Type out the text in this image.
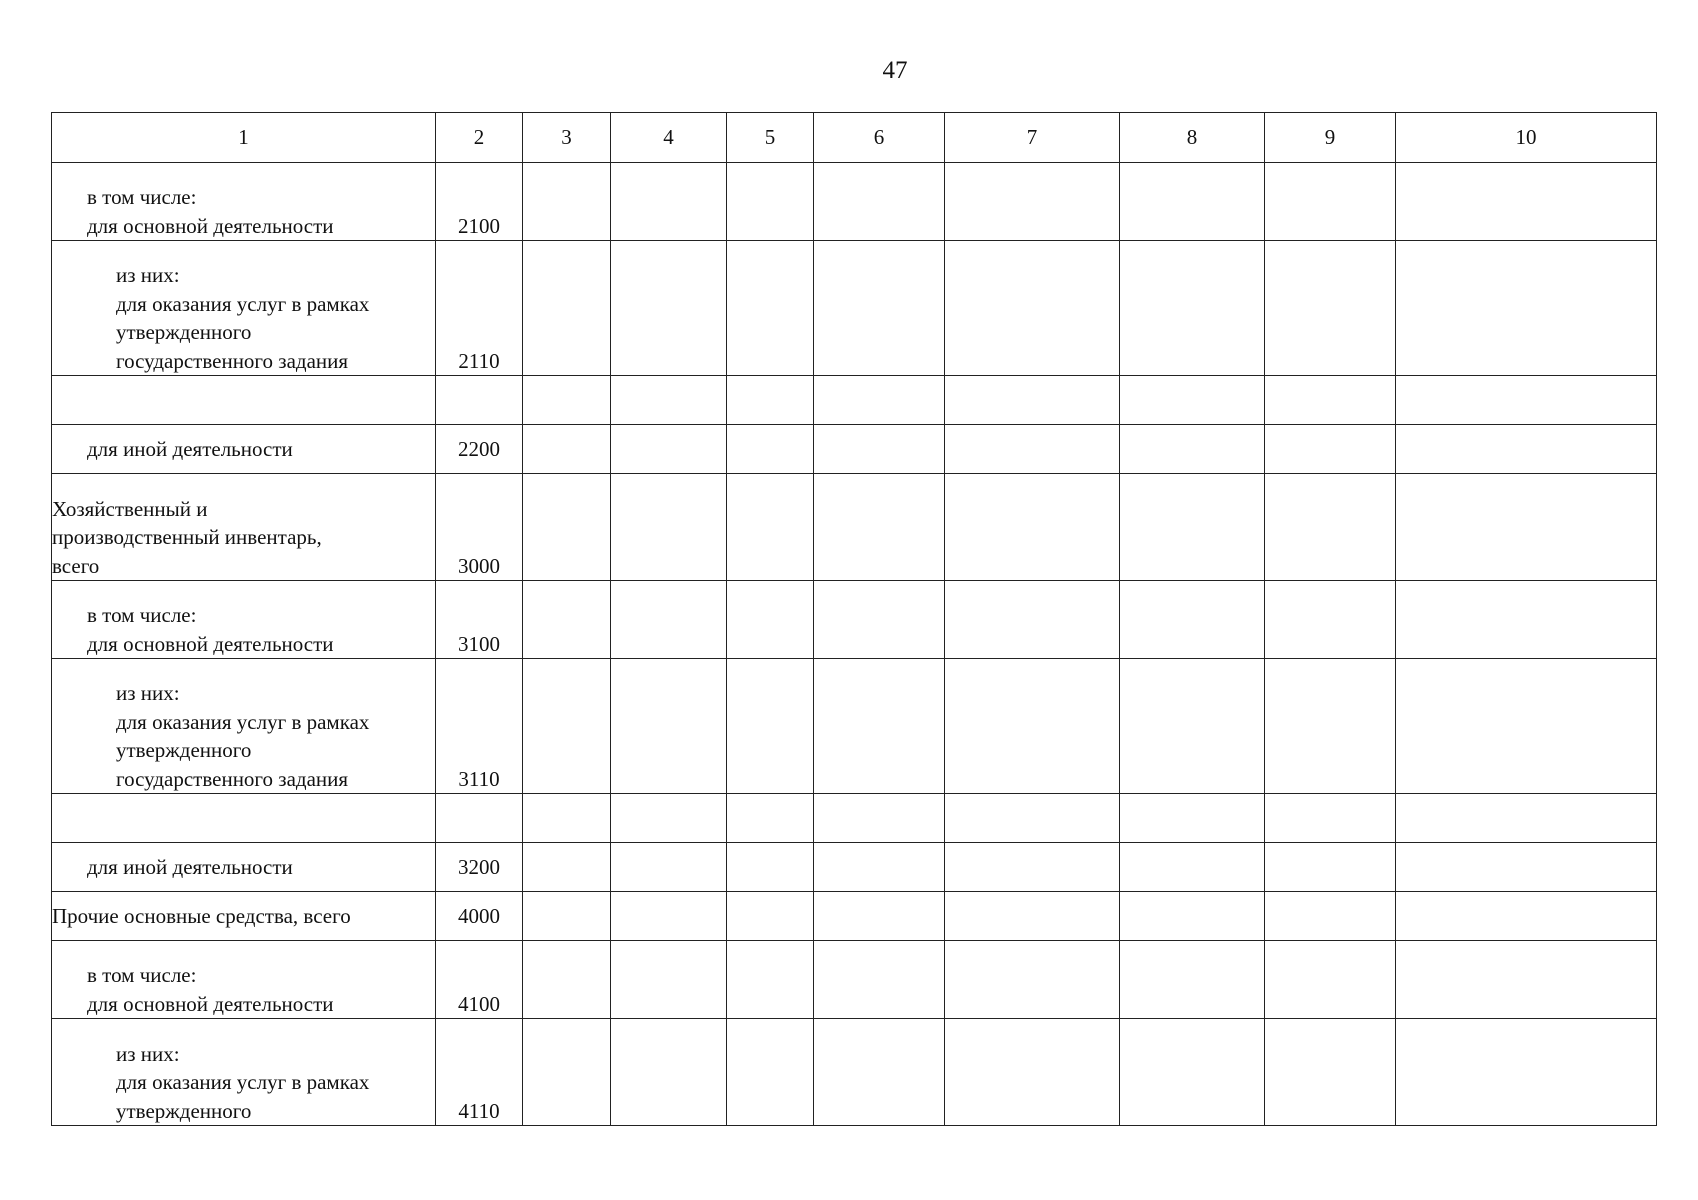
47
1	2	3	4	5	6	7	8	9	10

в том числе:
для основной деятельности	2100								

из них:
для оказания услуг в рамках
утвержденного
государственного задания	2110								

для иной деятельности	2200								

Хозяйственный и
производственный инвентарь,
всего	3000								

в том числе:
для основной деятельности	3100								

из них:
для оказания услуг в рамках
утвержденного
государственного задания	3110								

для иной деятельности	3200								

Прочие основные средства, всего	4000								

в том числе:
для основной деятельности	4100								

из них:
для оказания услуг в рамках
утвержденного	4110								
